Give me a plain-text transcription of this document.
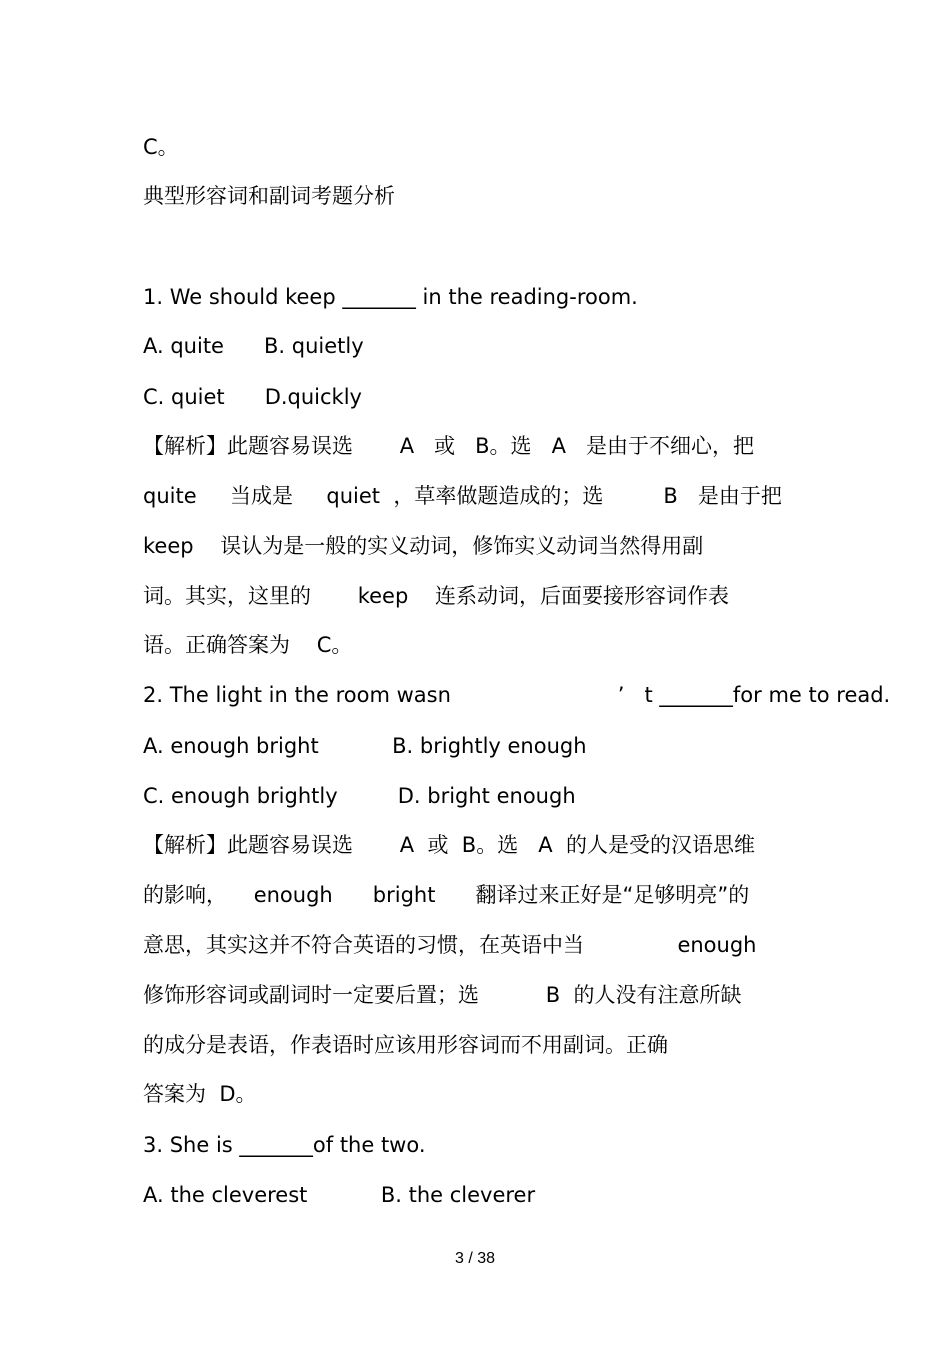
C。
典型形容词和副词考题分析
1. We should keep _______ in the reading-room.
A. quite      B. quietly
C. quiet      D.quickly
【解析】此题容易误选       A   或   B。选   A   是由于不细心，把
quite     当成是     quiet  ，草率做题造成的；选         B   是由于把
keep    误认为是一般的实义动词，修饰实义动词当然得用副
词。其实，这里的       keep    连系动词，后面要接形容词作表
语。正确答案为    C。
2. The light in the room wasn                         ’   t _______for me to read.
A. enough bright           B. brightly enough
C. enough brightly         D. bright enough
【解析】此题容易误选       A  或  B。选   A  的人是受的汉语思维
的影响，    enough      bright      翻译过来正好是“足够明亮”的
意思，其实这并不符合英语的习惯，在英语中当              enough
修饰形容词或副词时一定要后置；选          B  的人没有注意所缺
的成分是表语，作表语时应该用形容词而不用副词。正确
答案为  D。
3. She is _______of the two.
A. the cleverest           B. the cleverer
3 / 38
